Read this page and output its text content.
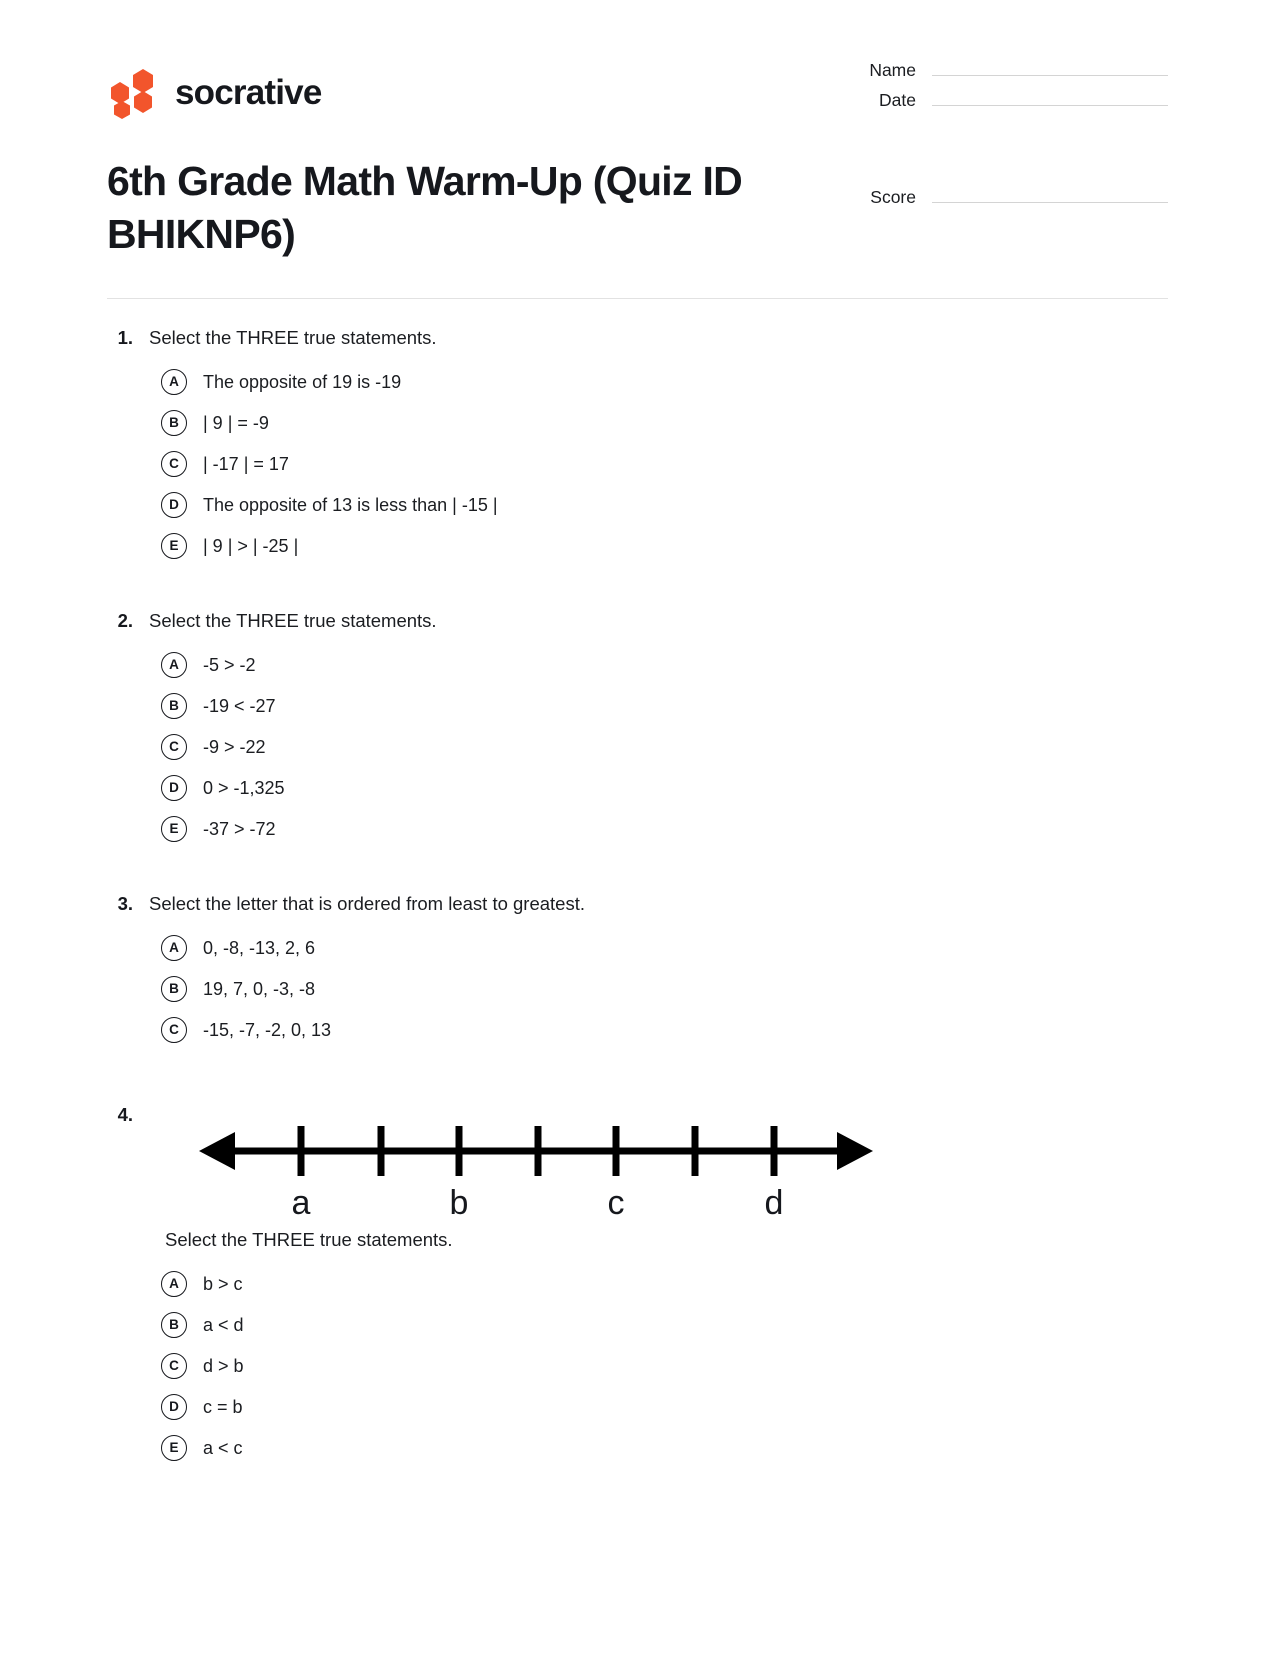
socrative
6th Grade Math Warm-Up (Quiz ID BHIKNP6)
Name
Date
Score
1. Select the THREE true statements.
A	The opposite of 19 is -19
B	| 9 | = -9
C	| -17 | = 17
D	The opposite of 13 is less than | -15 |
E	| 9 | > | -25 |
2. Select the THREE true statements.
A	-5 > -2
B	-19 < -27
C	-9 > -22
D	0 > -1,325
E	-37 > -72
3. Select the letter that is ordered from least to greatest.
A	0, -8, -13, 2, 6
B	19, 7, 0, -3, -8
C	-15, -7, -2, 0, 13
4.
a	b	c	d
Select the THREE true statements.
A	b > c
B	a < d
C	d > b
D	c = b
E	a < c
